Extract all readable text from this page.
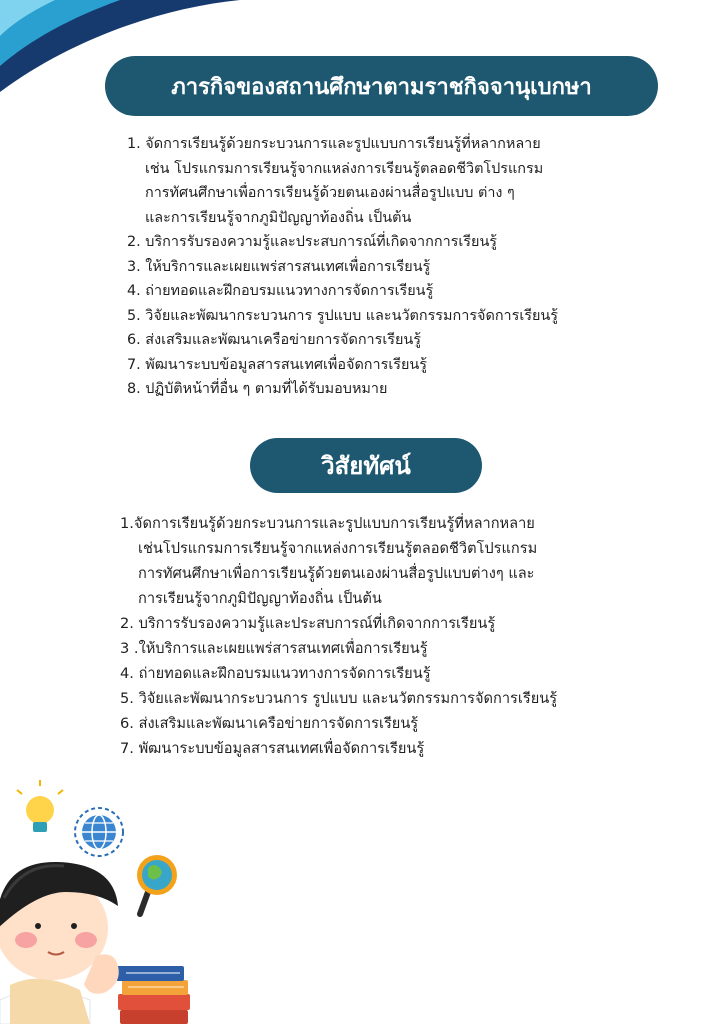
ภารกิจของสถานศึกษาตามราชกิจจานุเบกษา
1. จัดการเรียนรู้ด้วยกระบวนการและรูปแบบการเรียนรู้ที่หลากหลาย
เช่น โปรแกรมการเรียนรู้จากแหล่งการเรียนรู้ตลอดชีวิตโปรแกรม
การทัศนศึกษาเพื่อการเรียนรู้ด้วยตนเองผ่านสื่อรูปแบบ ต่าง ๆ
และการเรียนรู้จากภูมิปัญญาท้องถิ่น เป็นต้น
2. บริการรับรองความรู้และประสบการณ์ที่เกิดจากการเรียนรู้
3. ให้บริการและเผยแพร่สารสนเทศเพื่อการเรียนรู้
4. ถ่ายทอดและฝึกอบรมแนวทางการจัดการเรียนรู้
5. วิจัยและพัฒนากระบวนการ รูปแบบ และนวัตกรรมการจัดการเรียนรู้
6. ส่งเสริมและพัฒนาเครือข่ายการจัดการเรียนรู้
7. พัฒนาระบบข้อมูลสารสนเทศเพื่อจัดการเรียนรู้
8. ปฏิบัติหน้าที่อื่น ๆ ตามที่ได้รับมอบหมาย
วิสัยทัศน์
1.จัดการเรียนรู้ด้วยกระบวนการและรูปแบบการเรียนรู้ที่หลากหลาย
เช่นโปรแกรมการเรียนรู้จากแหล่งการเรียนรู้ตลอดชีวิตโปรแกรม
การทัศนศึกษาเพื่อการเรียนรู้ด้วยตนเองผ่านสื่อรูปแบบต่างๆ และ
การเรียนรู้จากภูมิปัญญาท้องถิ่น เป็นต้น
2. บริการรับรองความรู้และประสบการณ์ที่เกิดจากการเรียนรู้
3 .ให้บริการและเผยแพร่สารสนเทศเพื่อการเรียนรู้
4. ถ่ายทอดและฝึกอบรมแนวทางการจัดการเรียนรู้
5. วิจัยและพัฒนากระบวนการ รูปแบบ และนวัตกรรมการจัดการเรียนรู้
6. ส่งเสริมและพัฒนาเครือข่ายการจัดการเรียนรู้
7. พัฒนาระบบข้อมูลสารสนเทศเพื่อจัดการเรียนรู้
